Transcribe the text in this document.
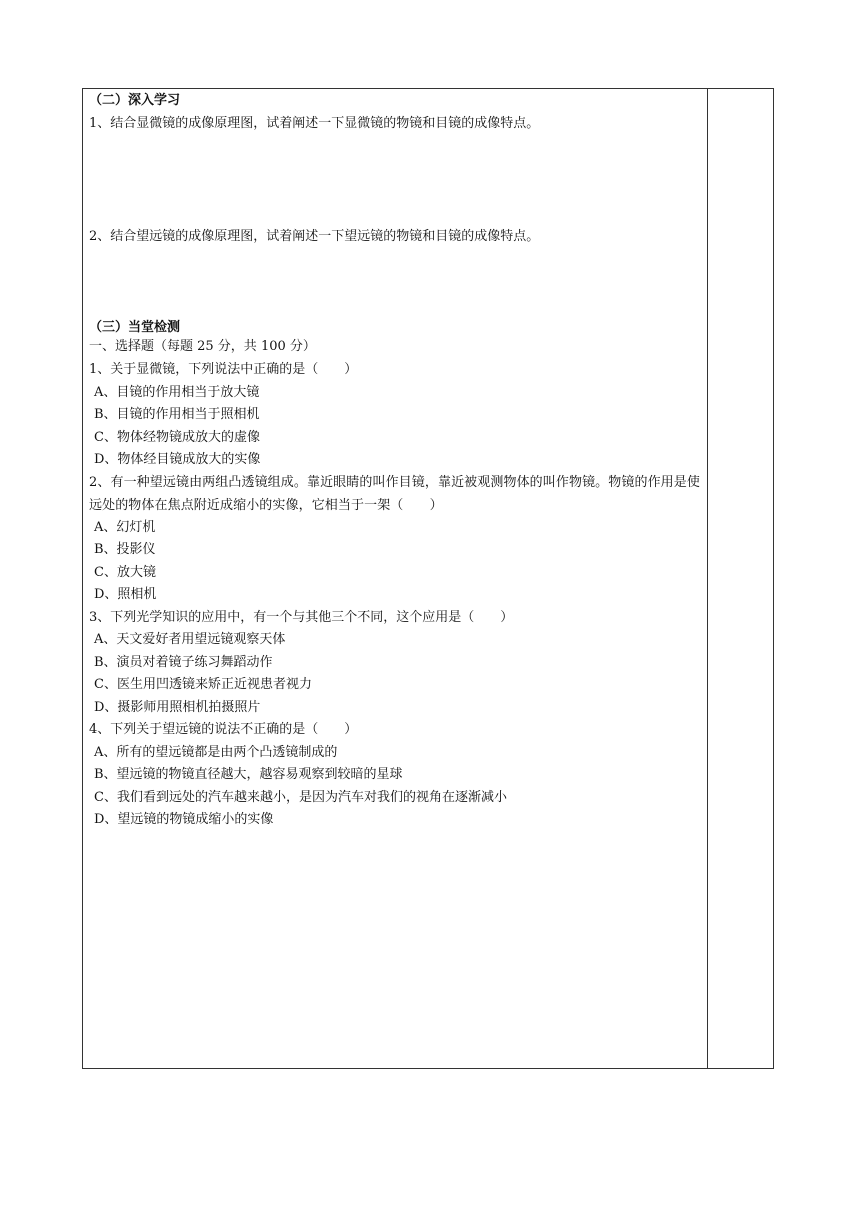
（二）深入学习
1、结合显微镜的成像原理图，试着阐述一下显微镜的物镜和目镜的成像特点。
2、结合望远镜的成像原理图，试着阐述一下望远镜的物镜和目镜的成像特点。
（三）当堂检测
一、选择题（每题 25 分，共 100 分）
1、关于显微镜，下列说法中正确的是（　　）
A、目镜的作用相当于放大镜
B、目镜的作用相当于照相机
C、物体经物镜成放大的虚像
D、物体经目镜成放大的实像
2、有一种望远镜由两组凸透镜组成。靠近眼睛的叫作目镜，靠近被观测物体的叫作物镜。物镜的作用是使远处的物体在焦点附近成缩小的实像，它相当于一架（　　）
A、幻灯机
B、投影仪
C、放大镜
D、照相机
3、下列光学知识的应用中，有一个与其他三个不同，这个应用是（　　）
A、天文爱好者用望远镜观察天体
B、演员对着镜子练习舞蹈动作
C、医生用凹透镜来矫正近视患者视力
D、摄影师用照相机拍摄照片
4、下列关于望远镜的说法不正确的是（　　）
A、所有的望远镜都是由两个凸透镜制成的
B、望远镜的物镜直径越大，越容易观察到较暗的星球
C、我们看到远处的汽车越来越小，是因为汽车对我们的视角在逐渐减小
D、望远镜的物镜成缩小的实像
